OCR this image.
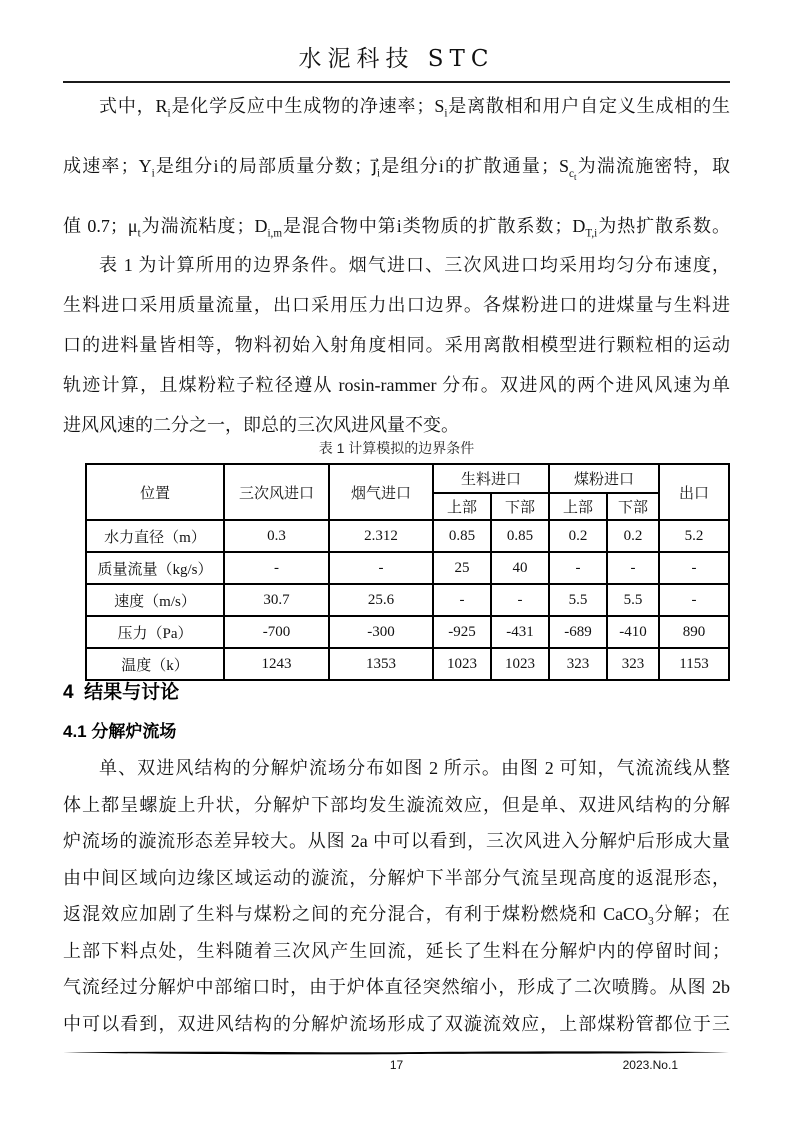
水泥科技 STC
式中，$R_i$是化学反应中生成物的净速率；$S_i$是离散相和用户自定义生成相的生
成速率；$Y_i$是组分i的局部质量分数；$j⃗_i$是组分i的扩散通量；$S_{c_t}$为湍流施密特，取
值 0.7；$\mu_t$为湍流粘度；$D_{i,m}$是混合物中第i类物质的扩散系数；$D_{T,i}$为热扩散系数。
表 1 为计算所用的边界条件。烟气进口、三次风进口均采用均匀分布速度，
生料进口采用质量流量，出口采用压力出口边界。各煤粉进口的进煤量与生料进
口的进料量皆相等，物料初始入射角度相同。采用离散相模型进行颗粒相的运动
轨迹计算，且煤粉粒子粒径遵从 rosin-rammer 分布。双进风的两个进风风速为单
进风风速的二分之一，即总的三次风进风量不变。
表 1 计算模拟的边界条件
位置	三次风进口	烟气进口	生料进口		煤粉进口		出口
			上部	下部	上部	下部	
水力直径（m）	0.3	2.312	0.85	0.85	0.2	0.2	5.2
质量流量（kg/s）	-	-	25	40	-	-	-
速度（m/s）	30.7	25.6	-	-	5.5	5.5	-
压力（Pa）	-700	-300	-925	-431	-689	-410	890
温度（k）	1243	1353	1023	1023	323	323	1153
4  结果与讨论
4.1 分解炉流场
单、双进风结构的分解炉流场分布如图 2 所示。由图 2 可知，气流流线从整
体上都呈螺旋上升状，分解炉下部均发生漩流效应，但是单、双进风结构的分解
炉流场的漩流形态差异较大。从图 2a 中可以看到，三次风进入分解炉后形成大量
由中间区域向边缘区域运动的漩流，分解炉下半部分气流呈现高度的返混形态，
返混效应加剧了生料与煤粉之间的充分混合，有利于煤粉燃烧和 CaCO$_3$分解；在
上部下料点处，生料随着三次风产生回流，延长了生料在分解炉内的停留时间；
气流经过分解炉中部缩口时，由于炉体直径突然缩小，形成了二次喷腾。从图 2b
中可以看到，双进风结构的分解炉流场形成了双漩流效应，上部煤粉管都位于三
17	2023.No.1
